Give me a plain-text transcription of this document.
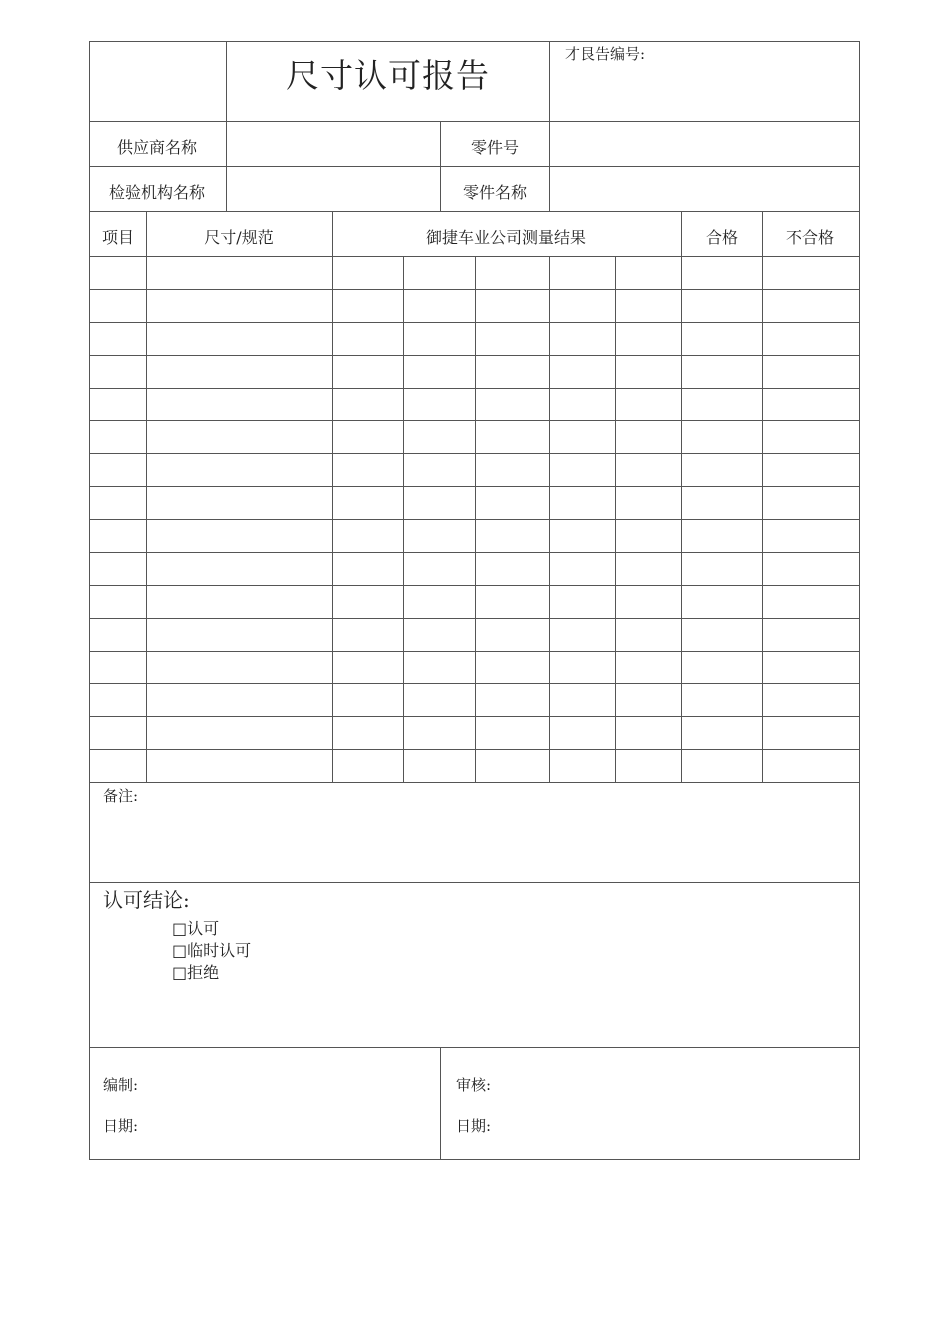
尺寸认可报告
才艮告编号:
供应商名称	零件号
检验机构名称	零件名称
项目	尺寸/规范	御捷车业公司测量结果	合格	不合格
备注:
认可结论:
□认可
□临时认可
□拒绝
编制:
日期:
审核:
日期:
